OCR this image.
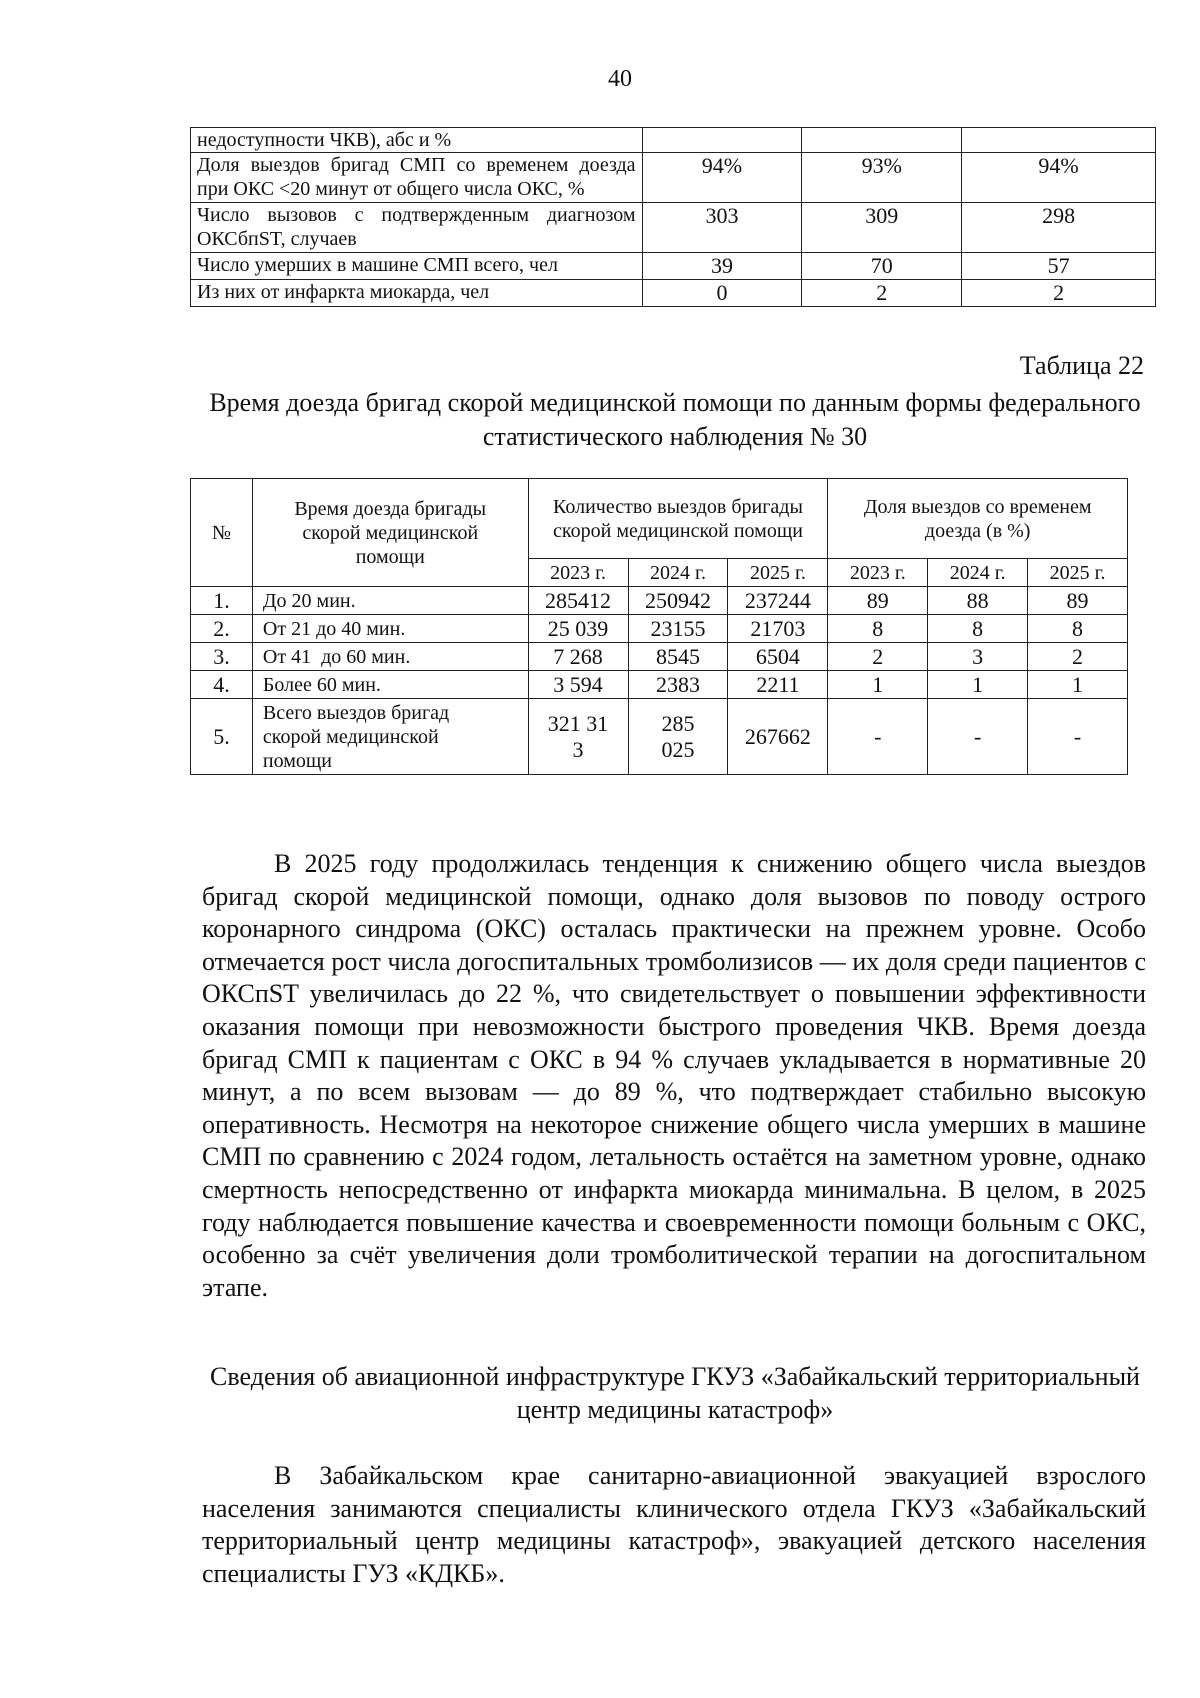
40
недоступности ЧКВ), абс и %			
Доля выездов бригад СМП со временем доезда при ОКС <20 минут от общего числа ОКС, %	94%	93%	94%
Число вызовов с подтвержденным диагнозом ОКСбпST, случаев	303	309	298
Число умерших в машине СМП всего, чел	39	70	57
Из них от инфаркта миокарда, чел	0	2	2
Таблица 22
Время доезда бригад скорой медицинской помощи по данным формы федерального статистического наблюдения № 30
№	Время доезда бригады скорой медицинской помощи	Количество выездов бригады скорой медицинской помощи			Доля выездов со временем доезда (в %)		
		2023 г.	2024 г.	2025 г.	2023 г.	2024 г.	2025 г.
1.	До 20 мин.	285412	250942	237244	89	88	89
2.	От 21 до 40 мин.	25 039	23155	21703	8	8	8
3.	От 41  до 60 мин.	7 268	8545	6504	2	3	2
4.	Более 60 мин.	3 594	2383	2211	1	1	1
5.	Всего выездов бригад скорой медицинской помощи	321 31 3	285 025	267662	-	-	-

В 2025 году продолжилась тенденция к снижению общего числа выездов бригад скорой медицинской помощи, однако доля вызовов по поводу острого коронарного синдрома (ОКС) осталась практически на прежнем уровне. Особо отмечается рост числа догоспитальных тромболизисов — их доля среди пациентов с ОКСпST увеличилась до 22 %, что свидетельствует о повышении эффективности оказания помощи при невозможности быстрого проведения ЧКВ. Время доезда бригад СМП к пациентам с ОКС в 94 % случаев укладывается в нормативные 20 минут, а по всем вызовам — до 89 %, что подтверждает стабильно высокую оперативность. Несмотря на некоторое снижение общего числа умерших в машине СМП по сравнению с 2024 годом, летальность остаётся на заметном уровне, однако смертность непосредственно от инфаркта миокарда минимальна. В целом, в 2025 году наблюдается повышение качества и своевременности помощи больным с ОКС, особенно за счёт увеличения доли тромболитической терапии на догоспитальном этапе.

Сведения об авиационной инфраструктуре ГКУЗ «Забайкальский территориальный центр медицины катастроф»

В Забайкальском крае санитарно-авиационной эвакуацией взрослого населения занимаются специалисты клинического отдела ГКУЗ «Забайкальский территориальный центр медицины катастроф», эвакуацией детского населения специалисты ГУЗ «КДКБ».
